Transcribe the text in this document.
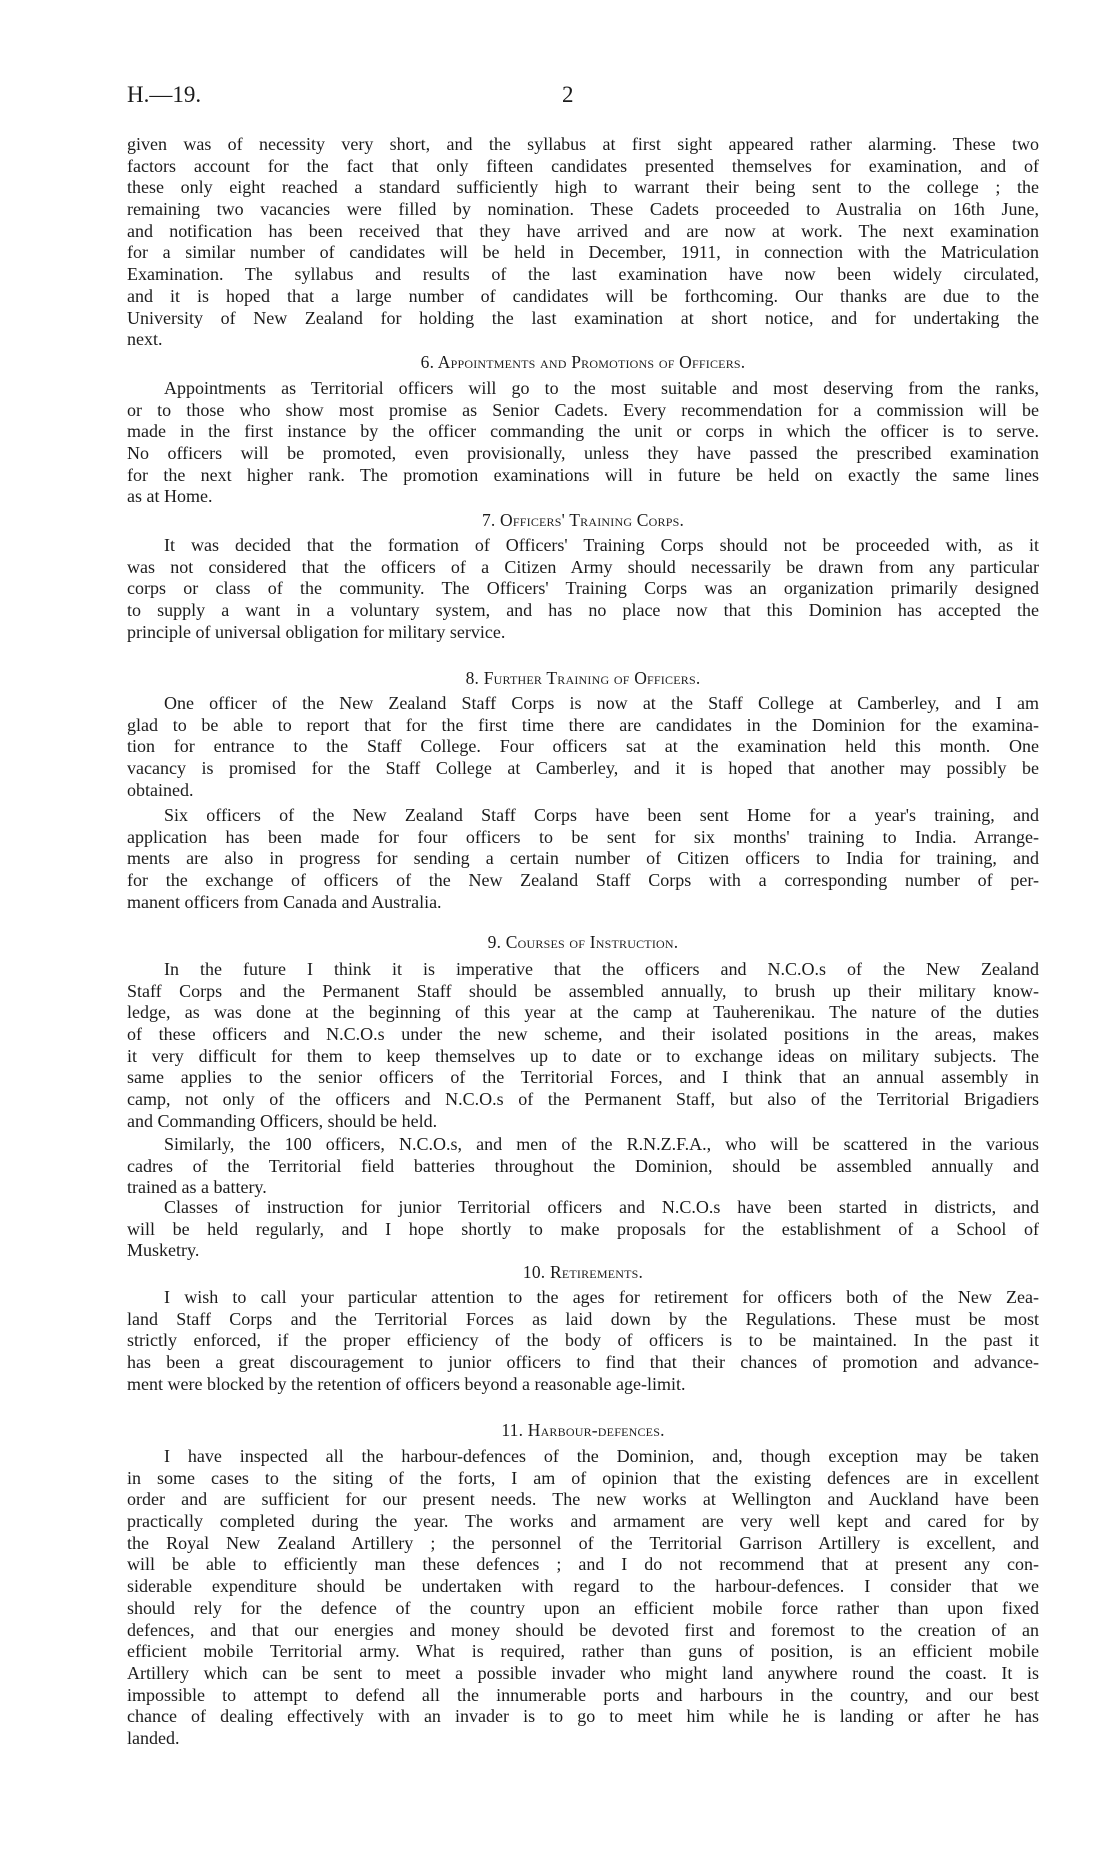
H.—19.	2
given was of necessity very short, and the syllabus at first sight appeared rather alarming. These two
factors account for the fact that only fifteen candidates presented themselves for examination, and of
these only eight reached a standard sufficiently high to warrant their being sent to the college ; the
remaining two vacancies were filled by nomination. These Cadets proceeded to Australia on 16th June,
and notification has been received that they have arrived and are now at work. The next examination
for a similar number of candidates will be held in December, 1911, in connection with the Matriculation
Examination. The syllabus and results of the last examination have now been widely circulated,
and it is hoped that a large number of candidates will be forthcoming. Our thanks are due to the
University of New Zealand for holding the last examination at short notice, and for undertaking the
next.
6. Appointments and Promotions of Officers.
Appointments as Territorial officers will go to the most suitable and most deserving from the ranks,
or to those who show most promise as Senior Cadets. Every recommendation for a commission will be
made in the first instance by the officer commanding the unit or corps in which the officer is to serve.
No officers will be promoted, even provisionally, unless they have passed the prescribed examination
for the next higher rank. The promotion examinations will in future be held on exactly the same lines
as at Home.
7. Officers' Training Corps.
It was decided that the formation of Officers' Training Corps should not be proceeded with, as it
was not considered that the officers of a Citizen Army should necessarily be drawn from any particular
corps or class of the community. The Officers' Training Corps was an organization primarily designed
to supply a want in a voluntary system, and has no place now that this Dominion has accepted the
principle of universal obligation for military service.
8. Further Training of Officers.
One officer of the New Zealand Staff Corps is now at the Staff College at Camberley, and I am
glad to be able to report that for the first time there are candidates in the Dominion for the examina-
tion for entrance to the Staff College. Four officers sat at the examination held this month. One
vacancy is promised for the Staff College at Camberley, and it is hoped that another may possibly be
obtained.
Six officers of the New Zealand Staff Corps have been sent Home for a year's training, and
application has been made for four officers to be sent for six months' training to India. Arrange-
ments are also in progress for sending a certain number of Citizen officers to India for training, and
for the exchange of officers of the New Zealand Staff Corps with a corresponding number of per-
manent officers from Canada and Australia.
9. Courses of Instruction.
In the future I think it is imperative that the officers and N.C.O.s of the New Zealand
Staff Corps and the Permanent Staff should be assembled annually, to brush up their military know-
ledge, as was done at the beginning of this year at the camp at Tauherenikau. The nature of the duties
of these officers and N.C.O.s under the new scheme, and their isolated positions in the areas, makes
it very difficult for them to keep themselves up to date or to exchange ideas on military subjects. The
same applies to the senior officers of the Territorial Forces, and I think that an annual assembly in
camp, not only of the officers and N.C.O.s of the Permanent Staff, but also of the Territorial Brigadiers
and Commanding Officers, should be held.
Similarly, the 100 officers, N.C.O.s, and men of the R.N.Z.F.A., who will be scattered in the various
cadres of the Territorial field batteries throughout the Dominion, should be assembled annually and
trained as a battery.
Classes of instruction for junior Territorial officers and N.C.O.s have been started in districts, and
will be held regularly, and I hope shortly to make proposals for the establishment of a School of
Musketry.
10. Retirements.
I wish to call your particular attention to the ages for retirement for officers both of the New Zea-
land Staff Corps and the Territorial Forces as laid down by the Regulations. These must be most
strictly enforced, if the proper efficiency of the body of officers is to be maintained. In the past it
has been a great discouragement to junior officers to find that their chances of promotion and advance-
ment were blocked by the retention of officers beyond a reasonable age-limit.
11. Harbour-defences.
I have inspected all the harbour-defences of the Dominion, and, though exception may be taken
in some cases to the siting of the forts, I am of opinion that the existing defences are in excellent
order and are sufficient for our present needs. The new works at Wellington and Auckland have been
practically completed during the year. The works and armament are very well kept and cared for by
the Royal New Zealand Artillery ; the personnel of the Territorial Garrison Artillery is excellent, and
will be able to efficiently man these defences ; and I do not recommend that at present any con-
siderable expenditure should be undertaken with regard to the harbour-defences. I consider that we
should rely for the defence of the country upon an efficient mobile force rather than upon fixed
defences, and that our energies and money should be devoted first and foremost to the creation of an
efficient mobile Territorial army. What is required, rather than guns of position, is an efficient mobile
Artillery which can be sent to meet a possible invader who might land anywhere round the coast. It is
impossible to attempt to defend all the innumerable ports and harbours in the country, and our best
chance of dealing effectively with an invader is to go to meet him while he is landing or after he has
landed.
